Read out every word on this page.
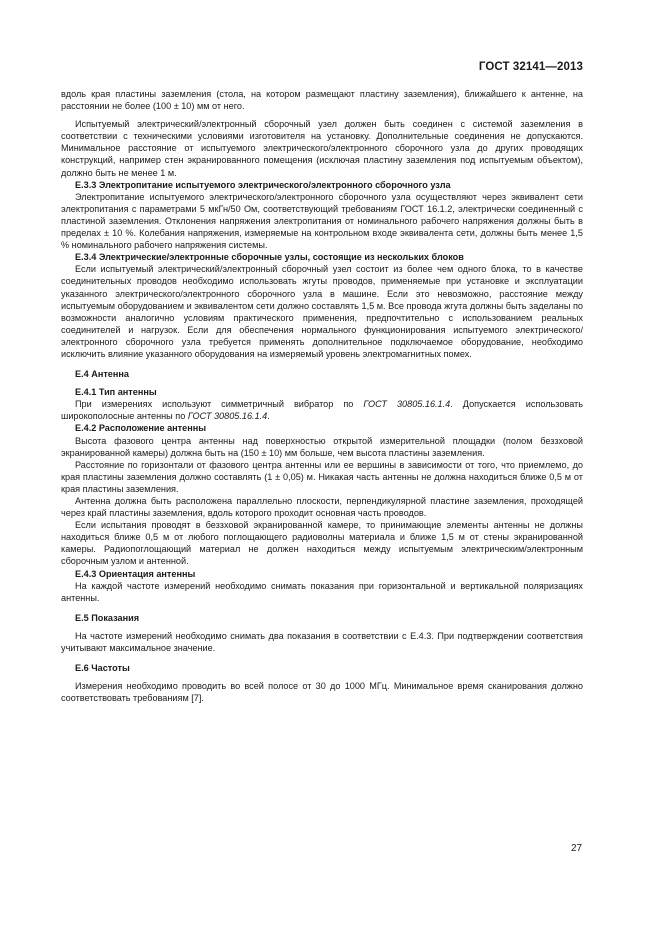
ГОСТ 32141—2013

вдоль края пластины заземления (стола, на котором размещают пластину заземления), ближайшего к антенне, на расстоянии не более (100 ± 10) мм от него.

Испытуемый электрический/электронный сборочный узел должен быть соединен с системой заземления в соответствии с техническими условиями изготовителя на установку. Дополнительные соединения не допускаются. Минимальное расстояние от испытуемого электрического/электронного сборочного узла до других проводящих конструкций, например стен экранированного помещения (исключая пластину заземления под испытуемым объектом), должно быть не менее 1 м.

Е.3.3 Электропитание испытуемого электрического/электронного сборочного узла

Электропитание испытуемого электрического/электронного сборочного узла осуществляют через эквивалент сети электропитания с параметрами 5 мкГн/50 Ом, соответствующий требованиям ГОСТ 16.1.2, электрически соединенный с пластиной заземления. Отклонения напряжения электропитания от номинального рабочего напряжения должны быть в пределах ± 10 %. Колебания напряжения, измеряемые на контрольном входе эквивалента сети, должны быть менее 1,5 % номинального рабочего напряжения системы.

Е.3.4 Электрические/электронные сборочные узлы, состоящие из нескольких блоков

Если испытуемый электрический/электронный сборочный узел состоит из более чем одного блока, то в качестве соединительных проводов необходимо использовать жгуты проводов, применяемые при установке и эксплуатации указанного электрического/электронного сборочного узла в машине. Если это невозможно, расстояние между испытуемым оборудованием и эквивалентом сети должно составлять 1,5 м. Все провода жгута должны быть заделаны по возможности аналогично условиям практического применения, предпочтительно с использованием реальных соединителей и нагрузок. Если для обеспечения нормального функционирования испытуемого электрического/электронного сборочного узла требуется применять дополнительное подключаемое оборудование, необходимо исключить влияние указанного оборудования на измеряемый уровень электромагнитных помех.

Е.4 Антенна

Е.4.1 Тип антенны

При измерениях используют симметричный вибратор по ГОСТ 30805.16.1.4. Допускается использовать широкополосные антенны по ГОСТ 30805.16.1.4.

Е.4.2 Расположение антенны

Высота фазового центра антенны над поверхностью открытой измерительной площадки (полом беззховой экранированной камеры) должна быть на (150 ± 10) мм больше, чем высота пластины заземления.

Расстояние по горизонтали от фазового центра антенны или ее вершины в зависимости от того, что приемлемо, до края пластины заземления должно составлять (1 ± 0,05) м. Никакая часть антенны не должна находиться ближе 0,5 м от края пластины заземления.

Антенна должна быть расположена параллельно плоскости, перпендикулярной пластине заземления, проходящей через край пластины заземления, вдоль которого проходит основная часть проводов.

Если испытания проводят в беззховой экранированной камере, то принимающие элементы антенны не должны находиться ближе 0,5 м от любого поглощающего радиоволны материала и ближе 1,5 м от стены экранированной камеры. Радиопоглощающий материал не должен находиться между испытуемым электрическим/электронным сборочным узлом и антенной.

Е.4.3 Ориентация антенны

На каждой частоте измерений необходимо снимать показания при горизонтальной и вертикальной поляризациях антенны.

Е.5 Показания

На частоте измерений необходимо снимать два показания в соответствии с Е.4.3. При подтверждении соответствия учитывают максимальное значение.

Е.6 Частоты

Измерения необходимо проводить во всей полосе от 30 до 1000 МГц. Минимальное время сканирования должно соответствовать требованиям [7].

27
